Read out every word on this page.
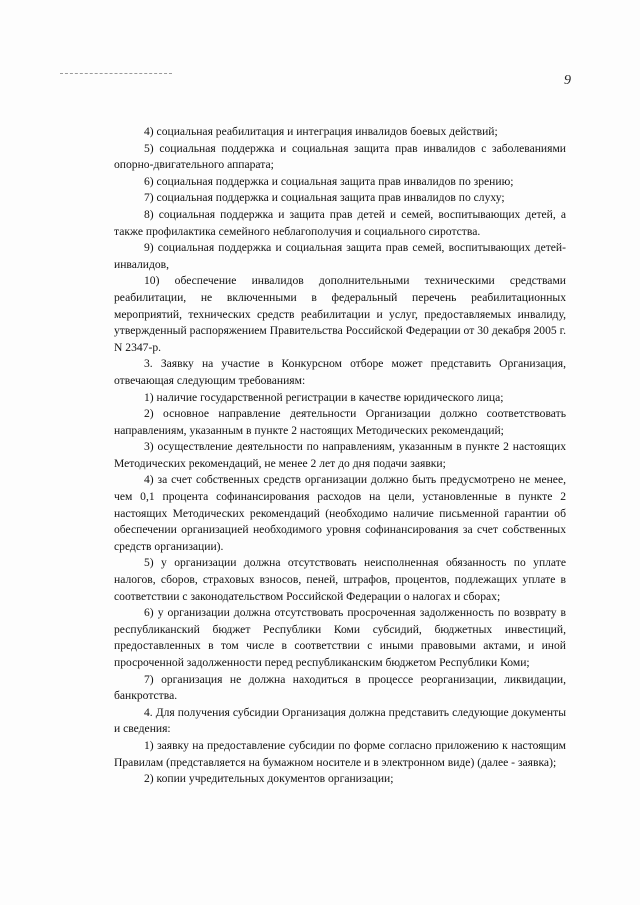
9

4) социальная реабилитация и интеграция инвалидов боевых действий;

5) социальная поддержка и социальная защита прав инвалидов с заболеваниями опорно-двигательного аппарата;

6) социальная поддержка и социальная защита прав инвалидов по зрению;

7) социальная поддержка и социальная защита прав инвалидов по слуху;

8) социальная поддержка и защита прав детей и семей, воспитывающих детей, а также профилактика семейного неблагополучия и социального сиротства.

9) социальная поддержка и социальная защита прав семей, воспитывающих детей-инвалидов,

10) обеспечение инвалидов дополнительными техническими средствами реабилитации, не включенными в федеральный перечень реабилитационных мероприятий, технических средств реабилитации и услуг, предоставляемых инвалиду, утвержденный распоряжением Правительства Российской Федерации от 30 декабря 2005 г. N 2347-р.

3. Заявку на участие в Конкурсном отборе может представить Организация, отвечающая следующим требованиям:

1) наличие государственной регистрации в качестве юридического лица;

2) основное направление деятельности Организации должно соответствовать направлениям, указанным в пункте 2 настоящих Методических рекомендаций;

3) осуществление деятельности по направлениям, указанным в пункте 2 настоящих Методических рекомендаций, не менее 2 лет до дня подачи заявки;

4) за счет собственных средств организации должно быть предусмотрено не менее, чем 0,1 процента софинансирования расходов на цели, установленные в пункте 2 настоящих Методических рекомендаций (необходимо наличие письменной гарантии об обеспечении организацией необходимого уровня софинансирования за счет собственных средств организации).

5) у организации должна отсутствовать неисполненная обязанность по уплате налогов, сборов, страховых взносов, пеней, штрафов, процентов, подлежащих уплате в соответствии с законодательством Российской Федерации о налогах и сборах;

6) у организации должна отсутствовать просроченная задолженность по возврату в республиканский бюджет Республики Коми субсидий, бюджетных инвестиций, предоставленных в том числе в соответствии с иными правовыми актами, и иной просроченной задолженности перед республиканским бюджетом Республики Коми;

7) организация не должна находиться в процессе реорганизации, ликвидации, банкротства.

4. Для получения субсидии Организация должна представить следующие документы и сведения:

1) заявку на предоставление субсидии по форме согласно приложению к настоящим Правилам (представляется на бумажном носителе и в электронном виде) (далее - заявка);

2) копии учредительных документов организации;
